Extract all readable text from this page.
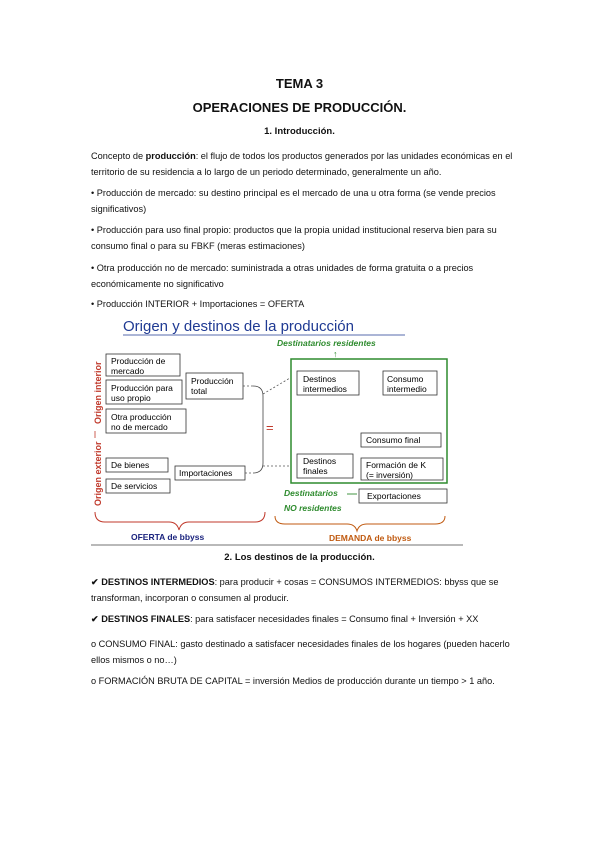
TEMA 3
OPERACIONES DE PRODUCCIÓN.
1. Introducción.
Concepto de producción: el flujo de todos los productos generados por las unidades económicas en el territorio de su residencia a lo largo de un periodo determinado, generalmente un año.
• Producción de mercado: su destino principal es el mercado de una u otra forma (se vende precios significativos)
• Producción para uso final propio: productos que la propia unidad institucional reserva bien para su consumo final o para su FBKF (meras estimaciones)
• Otra producción no de mercado: suministrada a otras unidades de forma gratuita o a precios económicamente no significativo
• Producción INTERIOR + Importaciones = OFERTA
Origen y destinos de la producción
Origen interior
Origen exterior
Producción de
mercado
Producción para
uso propio
Otra producción
no de mercado
Producción
total
De bienes
De servicios
Importaciones
=
Destinatarios residentes
↑
Destinos
intermedios
Consumo
intermedio
Consumo final
Destinos
finales
Formación de K
(= inversión)
Destinatarios
NO residentes
Exportaciones
OFERTA de bbyss	DEMANDA de bbyss
2. Los destinos de la producción.
✔ DESTINOS INTERMEDIOS: para producir + cosas = CONSUMOS INTERMEDIOS: bbyss que se transforman, incorporan o consumen al producir.
✔ DESTINOS FINALES: para satisfacer necesidades finales = Consumo final + Inversión + XX
o CONSUMO FINAL: gasto destinado a satisfacer necesidades finales de los hogares (pueden hacerlo ellos mismos o no…)
o FORMACIÓN BRUTA DE CAPITAL = inversión Medios de producción durante un tiempo > 1 año.
